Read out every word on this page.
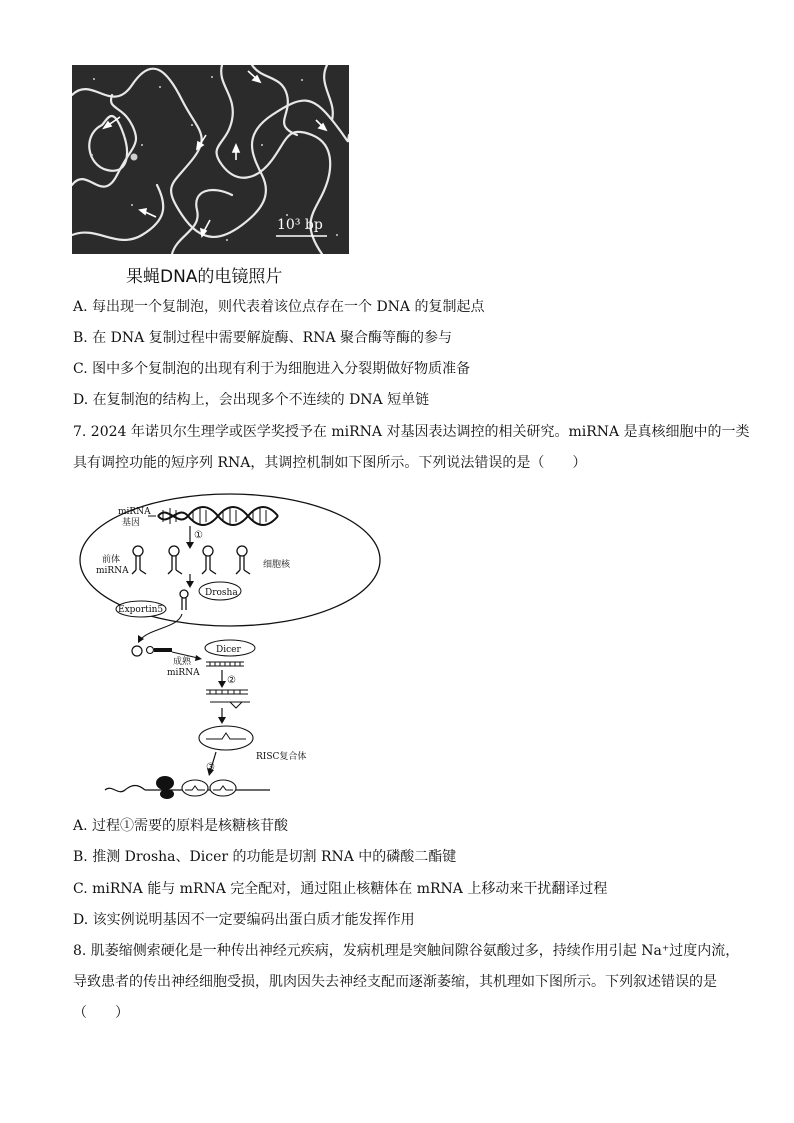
10³ bp
果蝇DNA的电镜照片
A. 每出现一个复制泡，则代表着该位点存在一个 DNA 的复制起点
B. 在 DNA 复制过程中需要解旋酶、RNA 聚合酶等酶的参与
C. 图中多个复制泡的出现有利于为细胞进入分裂期做好物质准备
D. 在复制泡的结构上，会出现多个不连续的 DNA 短单链
7. 2024 年诺贝尔生理学或医学奖授予在 miRNA 对基因表达调控的相关研究。miRNA 是真核细胞中的一类
具有调控功能的短序列 RNA，其调控机制如下图所示。下列说法错误的是（　　）
miRNA
基因
①
前体
miRNA
细胞核
Drosha
Exportin5
Dicer
成熟
miRNA
②
RISC复合体
③
A. 过程①需要的原料是核糖核苷酸
B. 推测 Drosha、Dicer 的功能是切割 RNA 中的磷酸二酯键
C. miRNA 能与 mRNA 完全配对，通过阻止核糖体在 mRNA 上移动来干扰翻译过程
D. 该实例说明基因不一定要编码出蛋白质才能发挥作用
8. 肌萎缩侧索硬化是一种传出神经元疾病，发病机理是突触间隙谷氨酸过多，持续作用引起 Na⁺过度内流，
导致患者的传出神经细胞受损，肌肉因失去神经支配而逐渐萎缩，其机理如下图所示。下列叙述错误的是
（　　）
